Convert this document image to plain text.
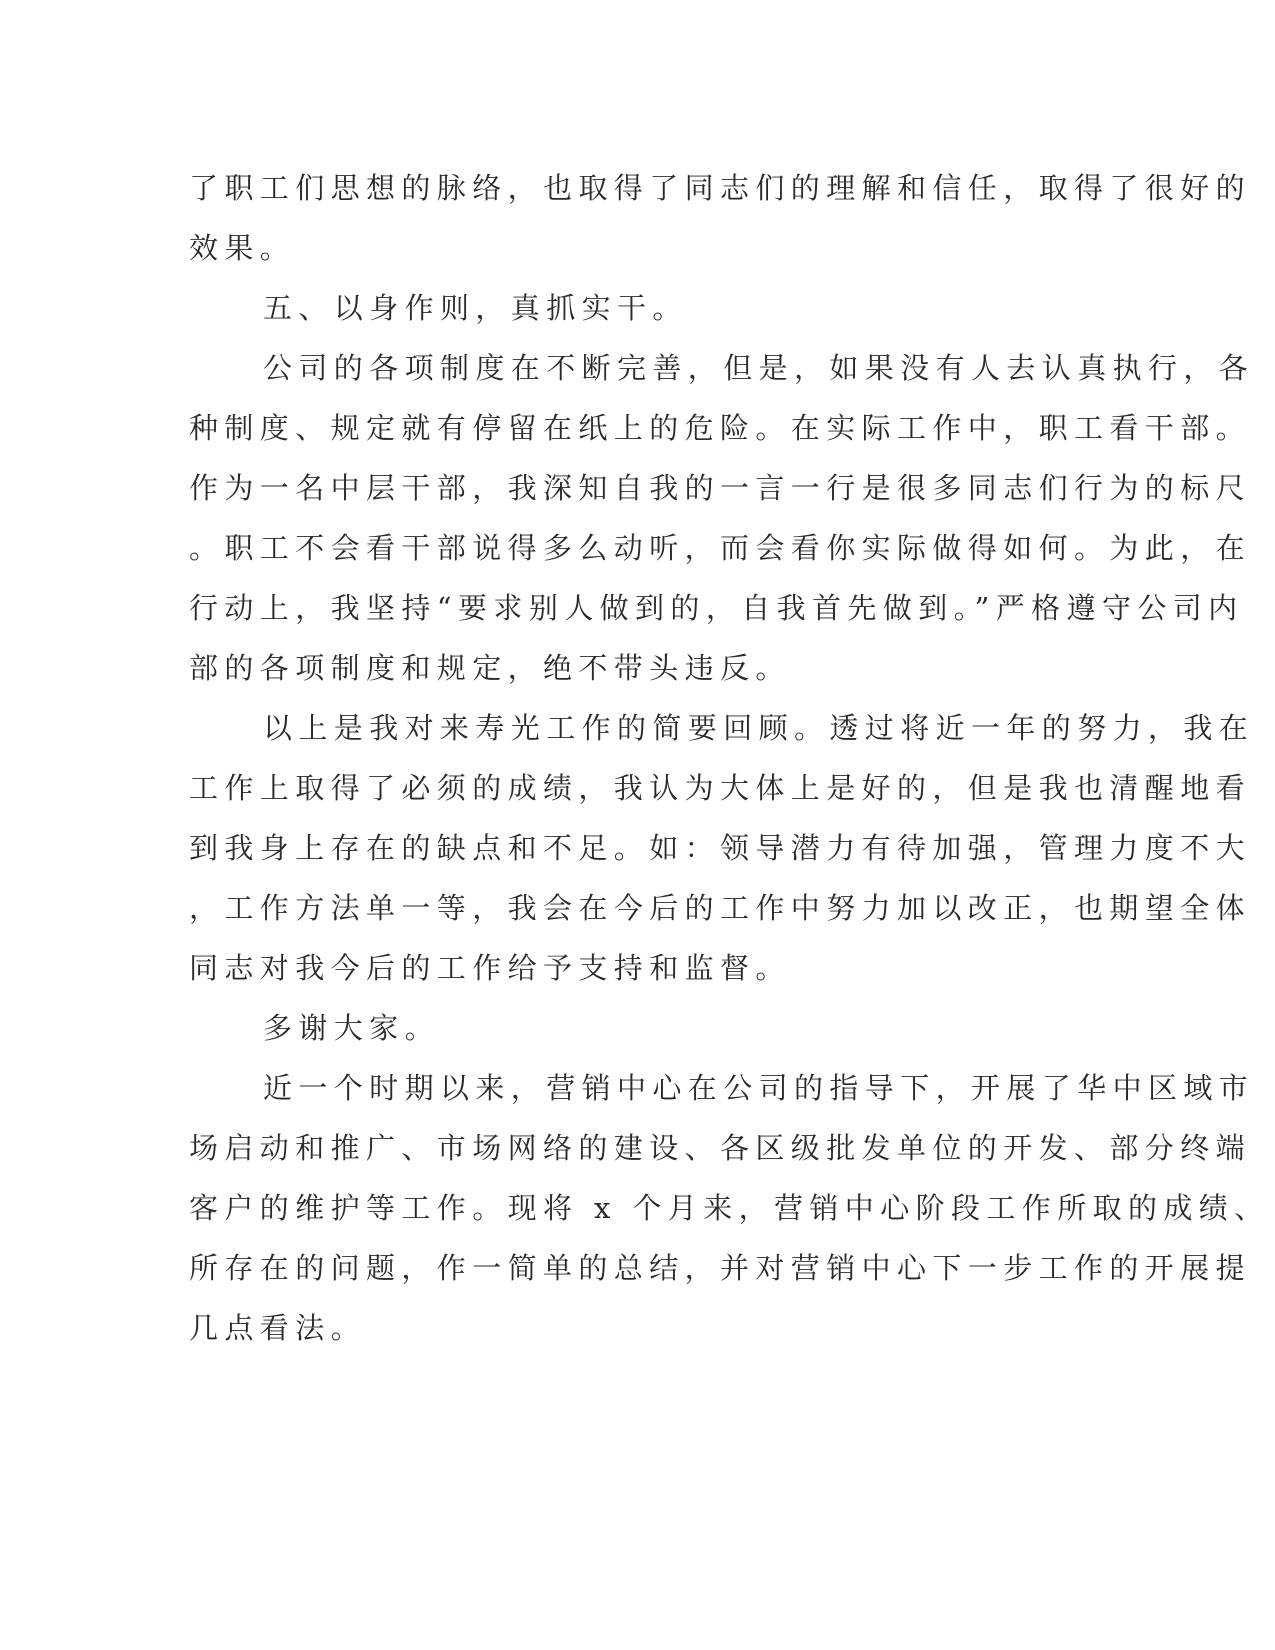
了职工们思想的脉络，也取得了同志们的理解和信任，取得了很好的
效果。
五、以身作则，真抓实干。
公司的各项制度在不断完善，但是，如果没有人去认真执行，各
种制度、规定就有停留在纸上的危险。在实际工作中，职工看干部。
作为一名中层干部，我深知自我的一言一行是很多同志们行为的标尺
。职工不会看干部说得多么动听，而会看你实际做得如何。为此，在
行动上，我坚持“要求别人做到的，自我首先做到。”严格遵守公司内
部的各项制度和规定，绝不带头违反。
以上是我对来寿光工作的简要回顾。透过将近一年的努力，我在
工作上取得了必须的成绩，我认为大体上是好的，但是我也清醒地看
到我身上存在的缺点和不足。如：领导潜力有待加强，管理力度不大
，工作方法单一等，我会在今后的工作中努力加以改正，也期望全体
同志对我今后的工作给予支持和监督。
多谢大家。
近一个时期以来，营销中心在公司的指导下，开展了华中区域市
场启动和推广、市场网络的建设、各区级批发单位的开发、部分终端
客户的维护等工作。现将 x 个月来，营销中心阶段工作所取的成绩、
所存在的问题，作一简单的总结，并对营销中心下一步工作的开展提
几点看法。
